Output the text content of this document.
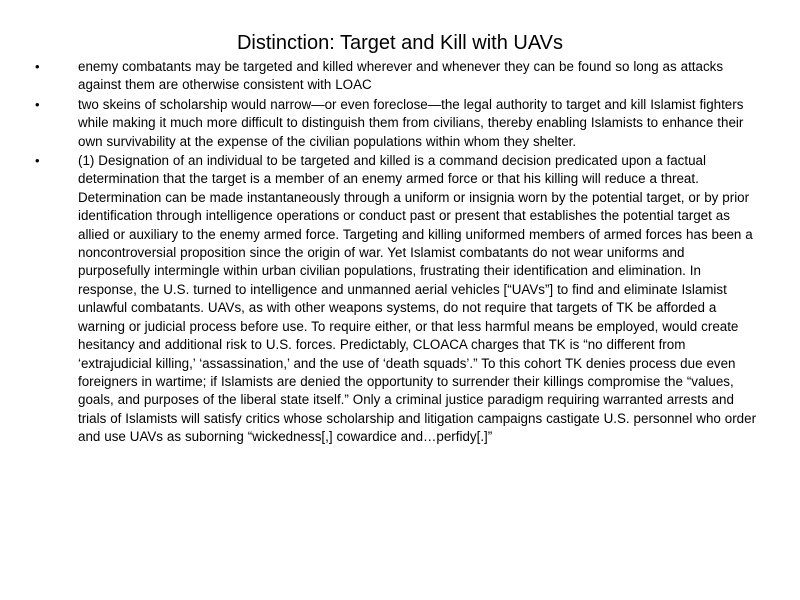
Distinction: Target and Kill with UAVs
•	enemy combatants may be targeted and killed wherever and whenever they can be found so long as attacks against them are otherwise consistent with LOAC
•	two skeins of scholarship would narrow—or even foreclose—the legal authority to target and kill Islamist fighters while making it much more difficult to distinguish them from civilians, thereby enabling Islamists to enhance their own survivability at the expense of the civilian populations within whom they shelter.
•	(1) Designation of an individual to be targeted and killed is a command decision predicated upon a factual determination that the target is a member of an enemy armed force or that his killing will reduce a threat. Determination can be made instantaneously through a uniform or insignia worn by the potential target, or by prior identification through intelligence operations or conduct past or present that establishes the potential target as allied or auxiliary to the enemy armed force. Targeting and killing uniformed members of armed forces has been a noncontroversial proposition since the origin of war. Yet Islamist combatants do not wear uniforms and purposefully intermingle within urban civilian populations, frustrating their identification and elimination. In response, the U.S. turned to intelligence and unmanned aerial vehicles [“UAVs”] to find and eliminate Islamist unlawful combatants. UAVs, as with other weapons systems, do not require that targets of TK be afforded a warning or judicial process before use. To require either, or that less harmful means be employed, would create hesitancy and additional risk to U.S. forces. Predictably, CLOACA charges that TK is “no different from ‘extrajudicial killing,’ ‘assassination,’ and the use of ‘death squads’.” To this cohort TK denies process due even foreigners in wartime; if Islamists are denied the opportunity to surrender their killings compromise the “values, goals, and purposes of the liberal state itself.” Only a criminal justice paradigm requiring warranted arrests and trials of Islamists will satisfy critics whose scholarship and litigation campaigns castigate U.S. personnel who order and use UAVs as suborning “wickedness[,] cowardice and…perfidy[.]”
